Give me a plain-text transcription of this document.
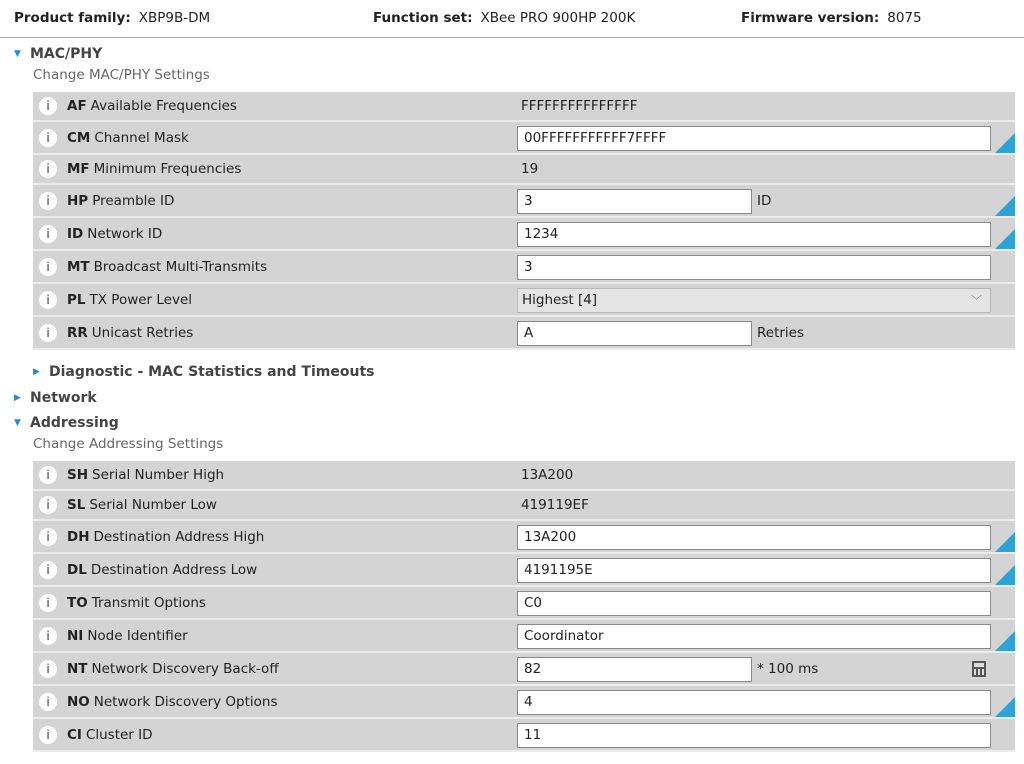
Product family: XBP9B-DM	Function set: XBee PRO 900HP 200K	Firmware version: 8075
▼ MAC/PHY
Change MAC/PHY Settings
i	AF Available Frequencies	FFFFFFFFFFFFFFF
i	CM Channel Mask	00FFFFFFFFFFF7FFFF
i	MF Minimum Frequencies	19
i	HP Preamble ID	3	ID
i	ID Network ID	1234
i	MT Broadcast Multi-Transmits	3
i	PL TX Power Level	Highest [4]	﹀
i	RR Unicast Retries	A	Retries
▶ Diagnostic - MAC Statistics and Timeouts
▶ Network
▼ Addressing
Change Addressing Settings
i	SH Serial Number High	13A200
i	SL Serial Number Low	419119EF
i	DH Destination Address High	13A200
i	DL Destination Address Low	4191195E
i	TO Transmit Options	C0
i	NI Node Identifier	Coordinator
i	NT Network Discovery Back-off	82	* 100 ms
i	NO Network Discovery Options	4
i	CI Cluster ID	11
